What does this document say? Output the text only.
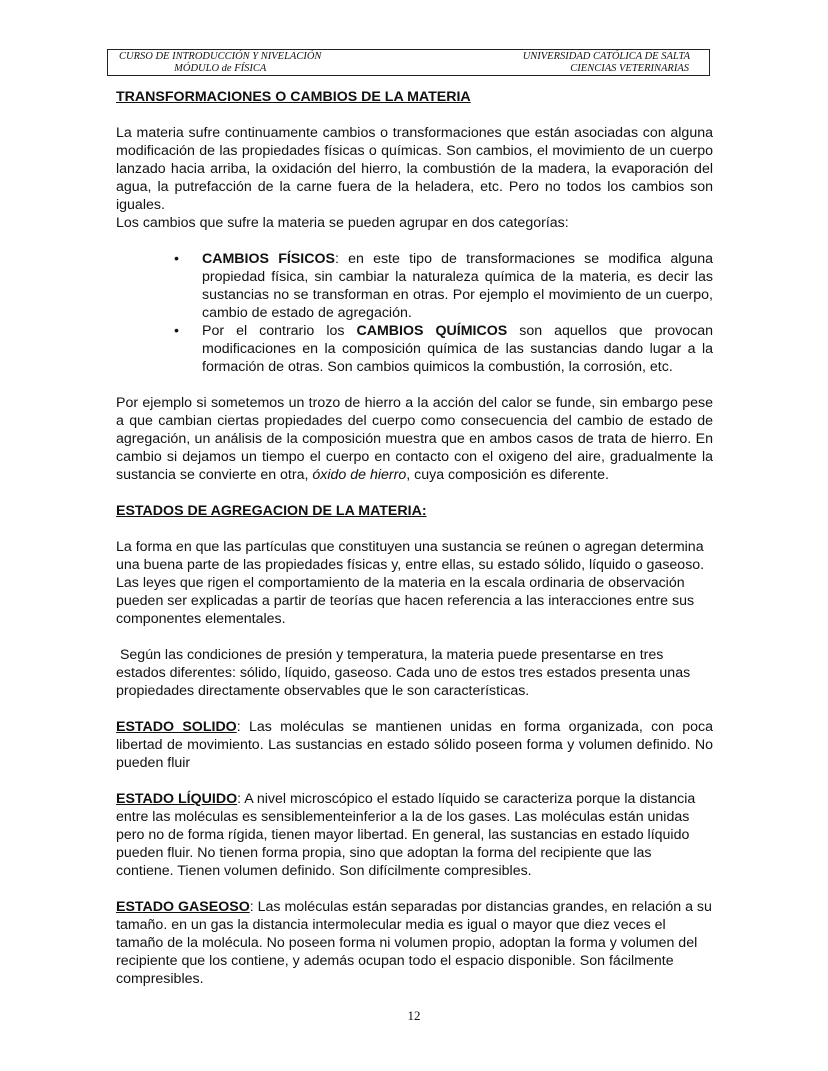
CURSO DE INTRODUCCIÓN Y NIVELACIÓN
MÓDULO de FÍSICA
UNIVERSIDAD CATÓLICA DE SALTA
CIENCIAS VETERINARIAS
TRANSFORMACIONES O CAMBIOS DE LA MATERIA

La materia sufre continuamente cambios o transformaciones que están asociadas con alguna modificación de las propiedades físicas o químicas. Son cambios, el movimiento de un cuerpo lanzado hacia arriba, la oxidación del hierro, la combustión de la madera, la evaporación del agua, la putrefacción de la carne fuera de la heladera, etc. Pero no todos los cambios son iguales.

Los cambios que sufre la materia se pueden agrupar en dos categorías:

• CAMBIOS FÍSICOS: en este tipo de transformaciones se modifica alguna propiedad física, sin cambiar la naturaleza química de la materia, es decir las sustancias no se transforman en otras. Por ejemplo el movimiento de un cuerpo, cambio de estado de agregación.
• Por el contrario los CAMBIOS QUÍMICOS son aquellos que provocan modificaciones en la composición química de las sustancias dando lugar a la formación de otras. Son cambios quimicos la combustión, la corrosión, etc.

Por ejemplo si sometemos un trozo de hierro a la acción del calor se funde, sin embargo pese a que cambian ciertas propiedades del cuerpo como consecuencia del cambio de estado de agregación, un análisis de la composición muestra que en ambos casos de trata de hierro. En cambio si dejamos un tiempo el cuerpo en contacto con el oxigeno del aire, gradualmente la sustancia se convierte en otra, óxido de hierro, cuya composición es diferente.

ESTADOS DE AGREGACION DE LA MATERIA:

La forma en que las partículas que constituyen una sustancia se reúnen o agregan determina una buena parte de las propiedades físicas y, entre ellas, su estado sólido, líquido o gaseoso. Las leyes que rigen el comportamiento de la materia en la escala ordinaria de observación pueden ser explicadas a partir de teorías que hacen referencia a las interacciones entre sus componentes elementales.

Según las condiciones de presión y temperatura, la materia puede presentarse en tres estados diferentes: sólido, líquido, gaseoso. Cada uno de estos tres estados presenta unas propiedades directamente observables que le son características.

ESTADO SOLIDO: Las moléculas se mantienen unidas en forma organizada, con poca libertad de movimiento. Las sustancias en estado sólido poseen forma y volumen definido. No pueden fluir

ESTADO LÍQUIDO: A nivel microscópico el estado líquido se caracteriza porque la distancia entre las moléculas es sensiblementeinferior a la de los gases. Las moléculas están unidas pero no de forma rígida, tienen mayor libertad. En general, las sustancias en estado líquido pueden fluir. No tienen forma propia, sino que adoptan la forma del recipiente que las contiene. Tienen volumen definido. Son difícilmente compresibles.

ESTADO GASEOSO: Las moléculas están separadas por distancias grandes, en relación a su tamaño. en un gas la distancia intermolecular media es igual o mayor que diez veces el tamaño de la molécula. No poseen forma ni volumen propio, adoptan la forma y volumen del recipiente que los contiene, y además ocupan todo el espacio disponible. Son fácilmente compresibles.

12
